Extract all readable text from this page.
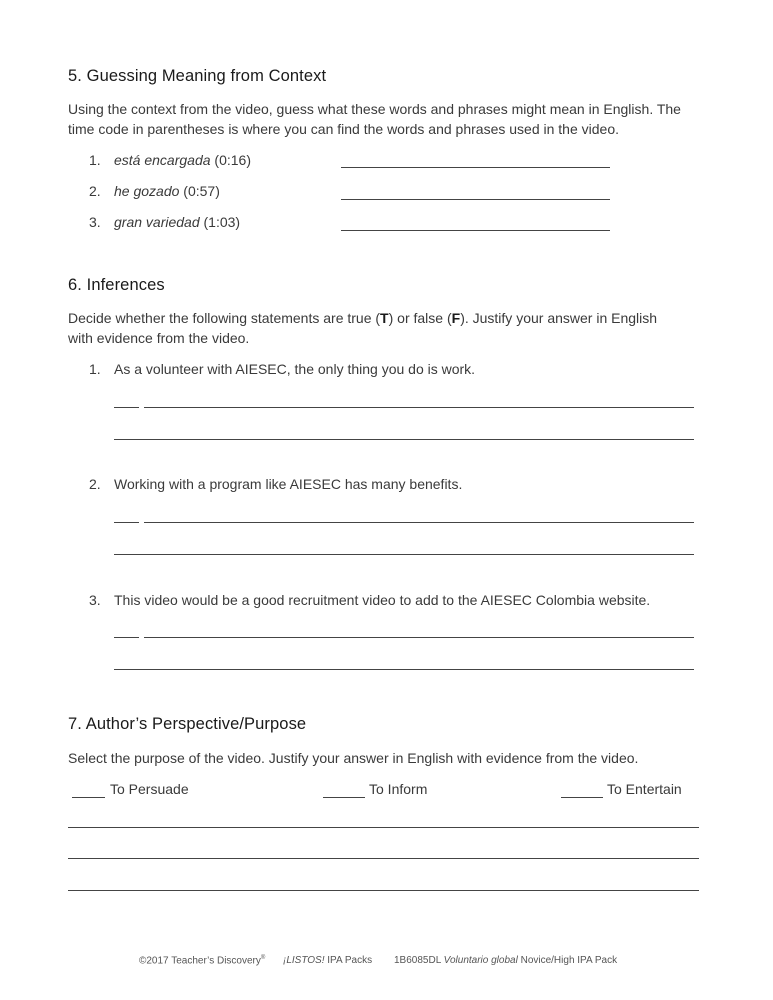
5. Guessing Meaning from Context
Using the context from the video, guess what these words and phrases might mean in English. The
time code in parentheses is where you can find the words and phrases used in the video.
1. está encargada (0:16)
2. he gozado (0:57)
3. gran variedad (1:03)
6. Inferences
Decide whether the following statements are true (T) or false (F). Justify your answer in English
with evidence from the video.
1. As a volunteer with AIESEC, the only thing you do is work.
2. Working with a program like AIESEC has many benefits.
3. This video would be a good recruitment video to add to the AIESEC Colombia website.
7. Author’s Perspective/Purpose
Select the purpose of the video. Justify your answer in English with evidence from the video.
To Persuade	To Inform	To Entertain
©2017 Teacher’s Discovery® ¡LISTOS! IPA Packs 1B6085DL Voluntario global Novice/High IPA Pack
